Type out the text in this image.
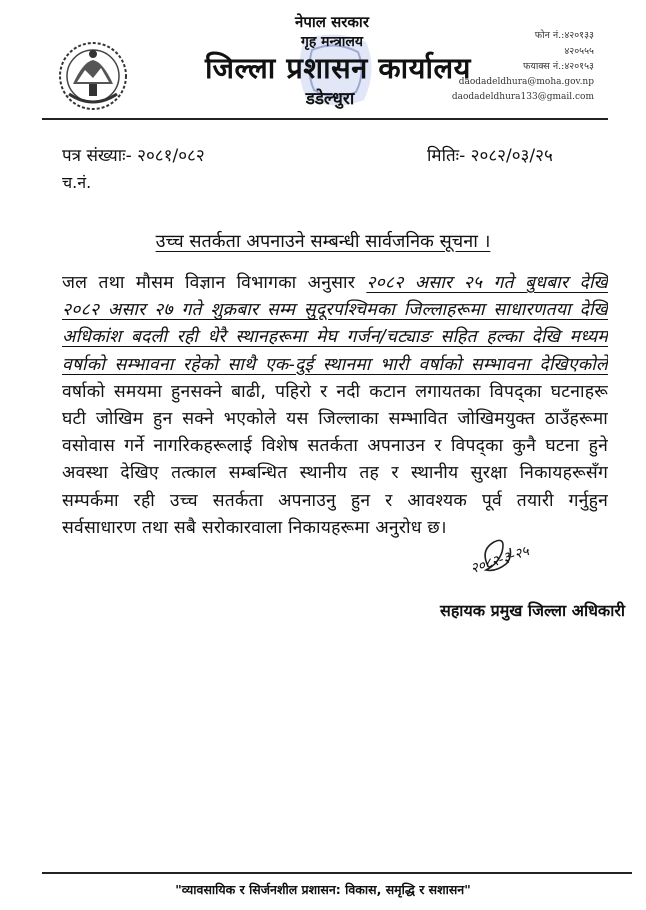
नेपाल सरकार
गृह मन्त्रालय
जिल्ला प्रशासन कार्यालय
डडेल्धुरा
फोन नं.:४२०१३३
४२०५५५
फयाक्स नं.:४२०१५३
daodadeldhura@moha.gov.np
daodadeldhura133@gmail.com
पत्र संख्याः- २०८१/०८२
च.नं.
मितिः- २०८२/०३/२५
उच्च सतर्कता अपनाउने सम्बन्धी सार्वजनिक सूचना ।
जल तथा मौसम विज्ञान विभागका अनुसार २०८२ असार २५ गते बुधबार देखि
२०८२ असार २७ गते शुक्रबार सम्म सुदूरपश्चिमका जिल्लाहरूमा साधारणतया देखि
अधिकांश बदली रही धेरै स्थानहरूमा मेघ गर्जन/चट्याङ सहित हल्का देखि मध्यम
वर्षाको सम्भावना रहेको साथै एक-दुई स्थानमा भारी वर्षाको सम्भावना देखिएकोले
वर्षाको समयमा हुनसक्ने बाढी, पहिरो र नदी कटान लगायतका विपद्का घटनाहरू
घटी जोखिम हुन सक्ने भएकोले यस जिल्लाका सम्भावित जोखिमयुक्त ठाउँहरूमा
वसोवास गर्ने नागरिकहरूलाई विशेष सतर्कता अपनाउन र विपद्का कुनै घटना हुने
अवस्था देखिए तत्काल सम्बन्धित स्थानीय तह र स्थानीय सुरक्षा निकायहरूसँग
सम्पर्कमा रही उच्च सतर्कता अपनाउनु हुन र आवश्यक पूर्व तयारी गर्नुहुन
सर्वसाधारण तथा सबै सरोकारवाला निकायहरूमा अनुरोध छ।
२०८२-३-२५
सहायक प्रमुख जिल्ला अधिकारी
"व्यावसायिक र सिर्जनशील प्रशासन: विकास, समृद्धि र सशासन"
